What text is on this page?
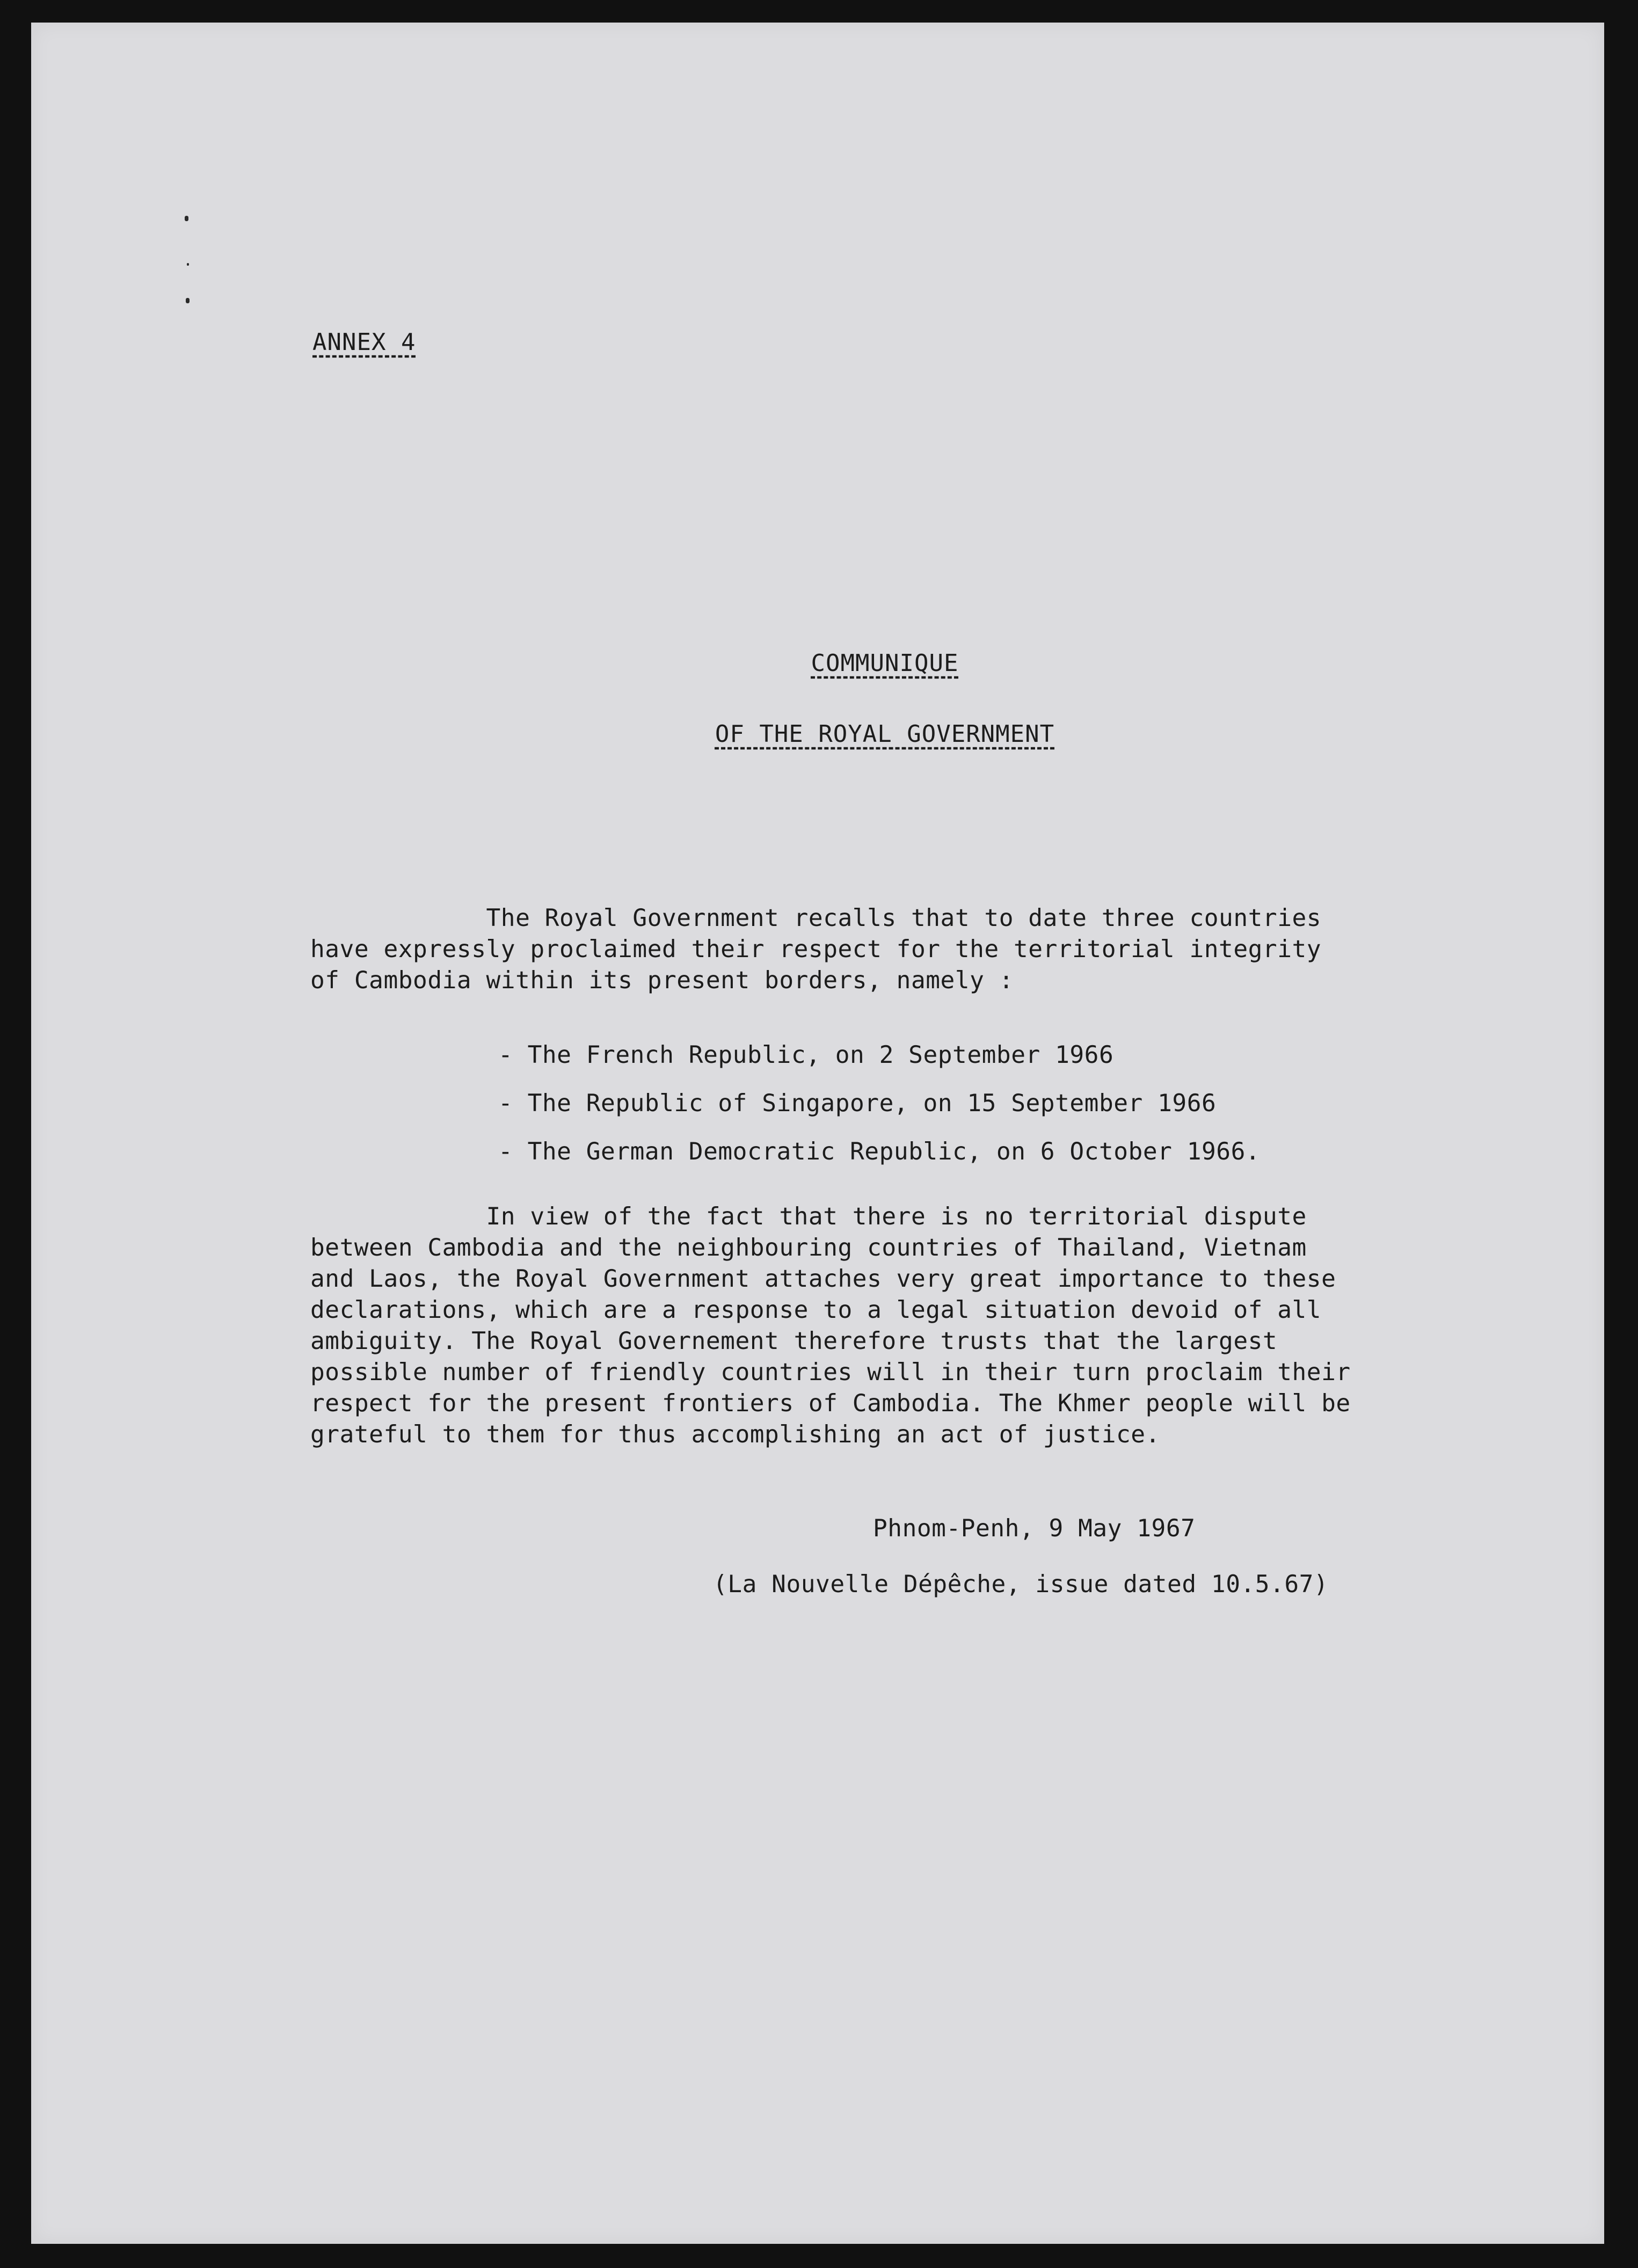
ANNEX 4
COMMUNIQUE
OF THE ROYAL GOVERNMENT
The Royal Government recalls that to date three countries
have expressly proclaimed their respect for the territorial integrity
of Cambodia within its present borders, namely :
- The French Republic, on 2 September 1966
- The Republic of Singapore, on 15 September 1966
- The German Democratic Republic, on 6 October 1966.
In view of the fact that there is no territorial dispute
between Cambodia and the neighbouring countries of Thailand, Vietnam
and Laos, the Royal Government attaches very great importance to these
declarations, which are a response to a legal situation devoid of all
ambiguity. The Royal Governement therefore trusts that the largest
possible number of friendly countries will in their turn proclaim their
respect for the present frontiers of Cambodia. The Khmer people will be
grateful to them for thus accomplishing an act of justice.
Phnom-Penh, 9 May 1967
(La Nouvelle Dépêche, issue dated 10.5.67)
